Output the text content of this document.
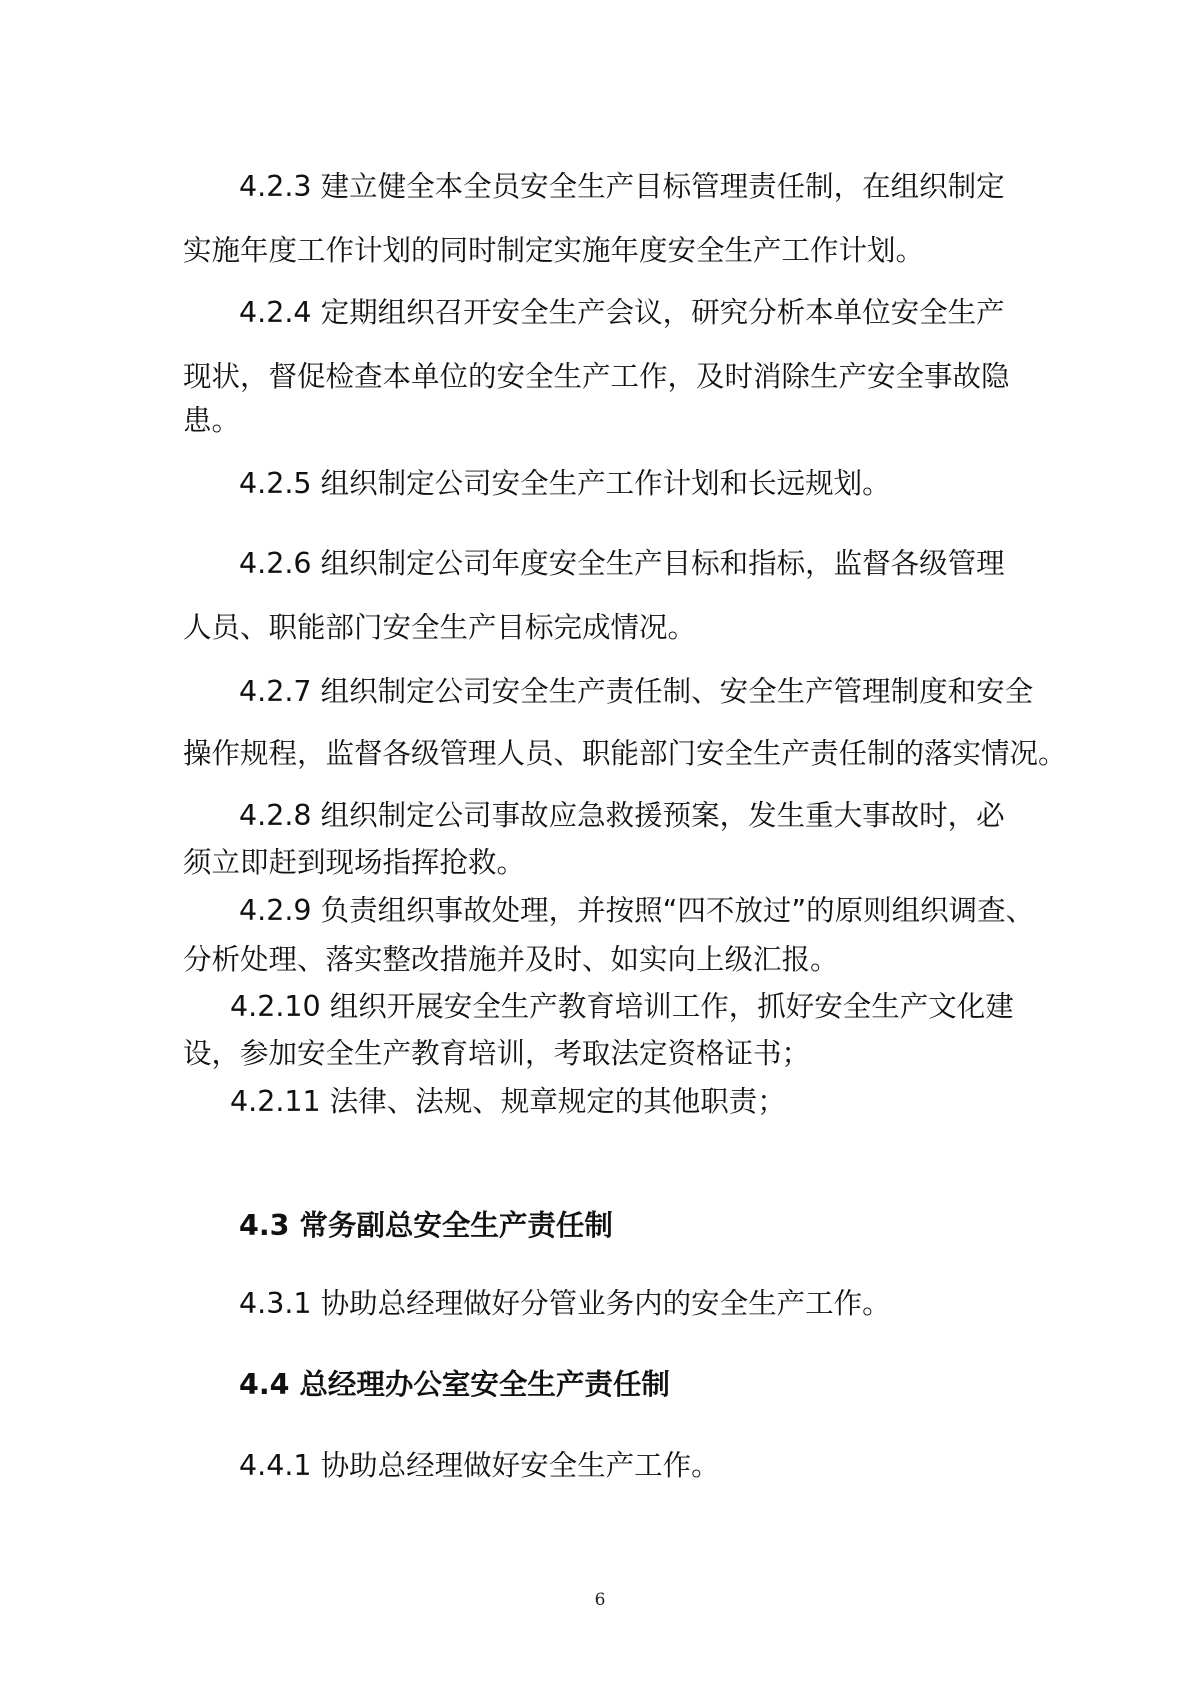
4.2.3 建立健全本全员安全生产目标管理责任制，在组织制定

实施年度工作计划的同时制定实施年度安全生产工作计划。

4.2.4 定期组织召开安全生产会议，研究分析本单位安全生产

现状，督促检查本单位的安全生产工作，及时消除生产安全事故隐

患。

4.2.5 组织制定公司安全生产工作计划和长远规划。

4.2.6 组织制定公司年度安全生产目标和指标，监督各级管理

人员、职能部门安全生产目标完成情况。

4.2.7 组织制定公司安全生产责任制、安全生产管理制度和安全

操作规程，监督各级管理人员、职能部门安全生产责任制的落实情况。

4.2.8 组织制定公司事故应急救援预案，发生重大事故时，必

须立即赶到现场指挥抢救。

4.2.9 负责组织事故处理，并按照“四不放过”的原则组织调查、

分析处理、落实整改措施并及时、如实向上级汇报。

4.2.10 组织开展安全生产教育培训工作，抓好安全生产文化建

设，参加安全生产教育培训，考取法定资格证书；

4.2.11 法律、法规、规章规定的其他职责；

4.3 常务副总安全生产责任制

4.3.1 协助总经理做好分管业务内的安全生产工作。

4.4 总经理办公室安全生产责任制

4.4.1 协助总经理做好安全生产工作。

6
